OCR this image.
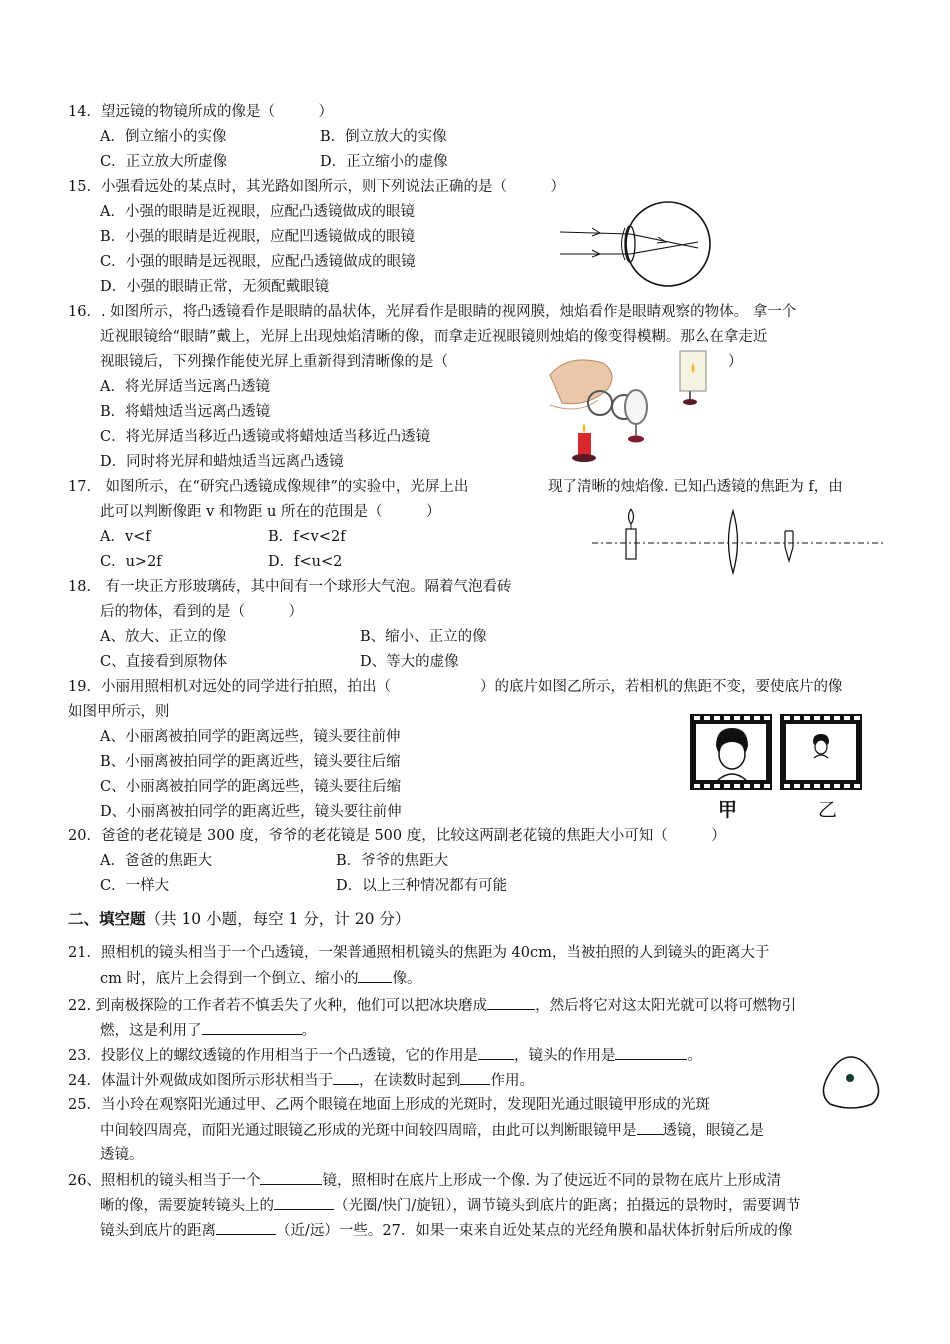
14．望远镜的物镜所成的像是（　　　）
A．倒立缩小的实像	B．倒立放大的实像
C．正立放大所虚像	D．正立缩小的虚像
15．小强看远处的某点时，其光路如图所示，则下列说法正确的是（　　　）
A．小强的眼睛是近视眼，应配凸透镜做成的眼镜
B．小强的眼睛是近视眼，应配凹透镜做成的眼镜
C．小强的眼睛是远视眼，应配凸透镜做成的眼镜
D．小强的眼睛正常，无须配戴眼镜
16．. 如图所示，将凸透镜看作是眼睛的晶状体，光屏看作是眼睛的视网膜，烛焰看作是眼睛观察的物体。 拿一个
近视眼镜给“眼睛”戴上，光屏上出现烛焰清晰的像，而拿走近视眼镜则烛焰的像变得模糊。那么在拿走近
视眼镜后，下列操作能使光屏上重新得到清晰像的是（	）
A．将光屏适当远离凸透镜
B．将蜡烛适当远离凸透镜
C．将光屏适当移近凸透镜或将蜡烛适当移近凸透镜
D．同时将光屏和蜡烛适当远离凸透镜
17． 如图所示，在“研究凸透镜成像规律”的实验中，光屏上出	现了清晰的烛焰像. 已知凸透镜的焦距为 f，由
此可以判断像距 v 和物距 u 所在的范围是（　　　）
A．v<f	B．f<v<2f
C．u>2f	D．f<u<2
18． 有一块正方形玻璃砖，其中间有一个球形大气泡。隔着气泡看砖
后的物体，看到的是（　　　）
A、放大、正立的像	B、缩小、正立的像
C、直接看到原物体	D、等大的虚像
19．小丽用照相机对远处的同学进行拍照，拍出（	）的底片如图乙所示，若相机的焦距不变，要使底片的像
如图甲所示，则
A、小丽离被拍同学的距离远些，镜头要往前伸
B、小丽离被拍同学的距离近些，镜头要往后缩
C、小丽离被拍同学的距离远些，镜头要往后缩
D、小丽离被拍同学的距离近些，镜头要往前伸	甲	乙
20．爸爸的老花镜是 300 度，爷爷的老花镜是 500 度，比较这两副老花镜的焦距大小可知（　　　）
A．爸爸的焦距大	B．爷爷的焦距大
C．一样大	D．以上三种情况都有可能
二、填空题（共 10 小题，每空 1 分，计 20 分）
21．照相机的镜头相当于一个凸透镜，一架普通照相机镜头的焦距为 40cm，当被拍照的人到镜头的距离大于
cm 时，底片上会得到一个倒立、缩小的 像。
22. 到南极探险的工作者若不慎丢失了火种，他们可以把冰块磨成	，然后将它对这太阳光就可以将可燃物引
燃，这是利用了	。
23．投影仪上的螺纹透镜的作用相当于一个凸透镜，它的作用是 ，镜头的作用是	。
24．体温计外观做成如图所示形状相当于 ，在读数时起到 作用。
25．当小玲在观察阳光通过甲、乙两个眼镜在地面上形成的光斑时，发现阳光通过眼镜甲形成的光斑
中间较四周亮，而阳光通过眼镜乙形成的光斑中间较四周暗，由此可以判断眼镜甲是 透镜，眼镜乙是
透镜。
26、照相机的镜头相当于一个	镜，照相时在底片上形成一个像. 为了使远近不同的景物在底片上形成清
晰的像，需要旋转镜头上的	（光圈/快门/旋钮），调节镜头到底片的距离；拍摄远的景物时，需要调节
镜头到底片的距离	（近/远）一些。27．如果一束来自近处某点的光经角膜和晶状体折射后所成的像
